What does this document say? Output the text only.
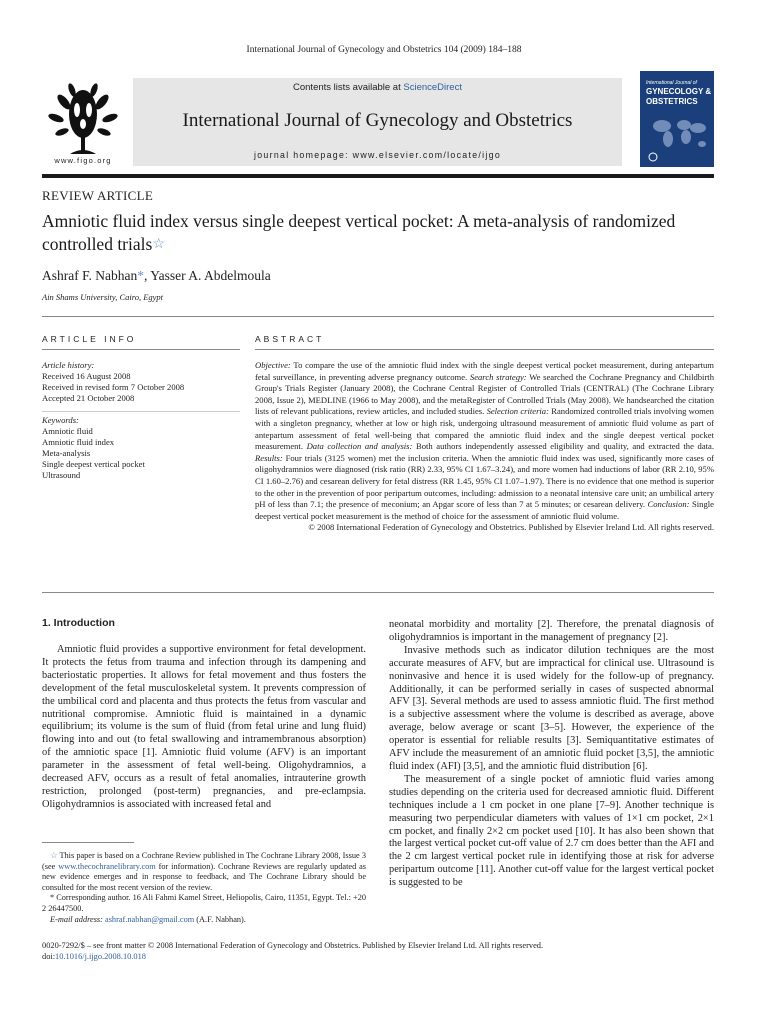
International Journal of Gynecology and Obstetrics 104 (2009) 184–188
www.figo.org
Contents lists available at ScienceDirect
International Journal of Gynecology and Obstetrics
journal homepage: www.elsevier.com/locate/ijgo
International Journal of
GYNECOLOGY & OBSTETRICS
REVIEW ARTICLE
Amniotic fluid index versus single deepest vertical pocket: A meta-analysis of randomized controlled trials☆
Ashraf F. Nabhan*, Yasser A. Abdelmoula
Ain Shams University, Cairo, Egypt
ARTICLE INFO
Article history:
Received 16 August 2008
Received in revised form 7 October 2008
Accepted 21 October 2008
Keywords:
Amniotic fluid
Amniotic fluid index
Meta-analysis
Single deepest vertical pocket
Ultrasound
ABSTRACT
Objective: To compare the use of the amniotic fluid index with the single deepest vertical pocket measurement, during antepartum fetal surveillance, in preventing adverse pregnancy outcome. Search strategy: We searched the Cochrane Pregnancy and Childbirth Group's Trials Register (January 2008), the Cochrane Central Register of Controlled Trials (CENTRAL) (The Cochrane Library 2008, Issue 2), MEDLINE (1966 to May 2008), and the metaRegister of Controlled Trials (May 2008). We handsearched the citation lists of relevant publications, review articles, and included studies. Selection criteria: Randomized controlled trials involving women with a singleton pregnancy, whether at low or high risk, undergoing ultrasound measurement of amniotic fluid volume as part of antepartum assessment of fetal well-being that compared the amniotic fluid index and the single deepest vertical pocket measurement. Data collection and analysis: Both authors independently assessed eligibility and quality, and extracted the data. Results: Four trials (3125 women) met the inclusion criteria. When the amniotic fluid index was used, significantly more cases of oligohydramnios were diagnosed (risk ratio (RR) 2.33, 95% CI 1.67–3.24), and more women had inductions of labor (RR 2.10, 95% CI 1.60–2.76) and cesarean delivery for fetal distress (RR 1.45, 95% CI 1.07–1.97). There is no evidence that one method is superior to the other in the prevention of poor peripartum outcomes, including: admission to a neonatal intensive care unit; an umbilical artery pH of less than 7.1; the presence of meconium; an Apgar score of less than 7 at 5 minutes; or cesarean delivery. Conclusion: Single deepest vertical pocket measurement is the method of choice for the assessment of amniotic fluid volume.
© 2008 International Federation of Gynecology and Obstetrics. Published by Elsevier Ireland Ltd. All rights reserved.
1. Introduction

Amniotic fluid provides a supportive environment for fetal development. It protects the fetus from trauma and infection through its dampening and bacteriostatic properties. It allows for fetal movement and thus fosters the development of the fetal musculoskeletal system. It prevents compression of the umbilical cord and placenta and thus protects the fetus from vascular and nutritional compromise. Amniotic fluid is maintained in a dynamic equilibrium; its volume is the sum of fluid (from fetal urine and lung fluid) flowing into and out (to fetal swallowing and intramembranous absorption) of the amniotic space [1]. Amniotic fluid volume (AFV) is an important parameter in the assessment of fetal well-being. Oligohydramnios, a decreased AFV, occurs as a result of fetal anomalies, intrauterine growth restriction, prolonged (post-term) pregnancies, and pre-eclampsia. Oligohydramnios is associated with increased fetal and

☆ This paper is based on a Cochrane Review published in The Cochrane Library 2008, Issue 3 (see www.thecochranelibrary.com for information). Cochrane Reviews are regularly updated as new evidence emerges and in response to feedback, and The Cochrane Library should be consulted for the most recent version of the review.

* Corresponding author. 16 Ali Fahmi Kamel Street, Heliopolis, Cairo, 11351, Egypt. Tel.: +20 2 26447500.

E-mail address: ashraf.nabhan@gmail.com (A.F. Nabhan).

neonatal morbidity and mortality [2]. Therefore, the prenatal diagnosis of oligohydramnios is important in the management of pregnancy [2].

Invasive methods such as indicator dilution techniques are the most accurate measures of AFV, but are impractical for clinical use. Ultrasound is noninvasive and hence it is used widely for the follow-up of pregnancy. Additionally, it can be performed serially in cases of suspected abnormal AFV [3]. Several methods are used to assess amniotic fluid. The first method is a subjective assessment where the volume is described as average, above average, below average or scant [3–5]. However, the experience of the operator is essential for reliable results [3]. Semiquantitative estimates of AFV include the measurement of an amniotic fluid pocket [3,5], the amniotic fluid index (AFI) [3,5], and the amniotic fluid distribution [6].

The measurement of a single pocket of amniotic fluid varies among studies depending on the criteria used for decreased amniotic fluid. Different techniques include a 1 cm pocket in one plane [7–9]. Another technique is measuring two perpendicular diameters with values of 1×1 cm pocket, 2×1 cm pocket, and finally 2×2 cm pocket used [10]. It has also been shown that the largest vertical pocket cut-off value of 2.7 cm does better than the AFI and the 2 cm largest vertical pocket rule in identifying those at risk for adverse peripartum outcome [11]. Another cut-off value for the largest vertical pocket is suggested to be

0020-7292/$ – see front matter © 2008 International Federation of Gynecology and Obstetrics. Published by Elsevier Ireland Ltd. All rights reserved.
doi:10.1016/j.ijgo.2008.10.018
